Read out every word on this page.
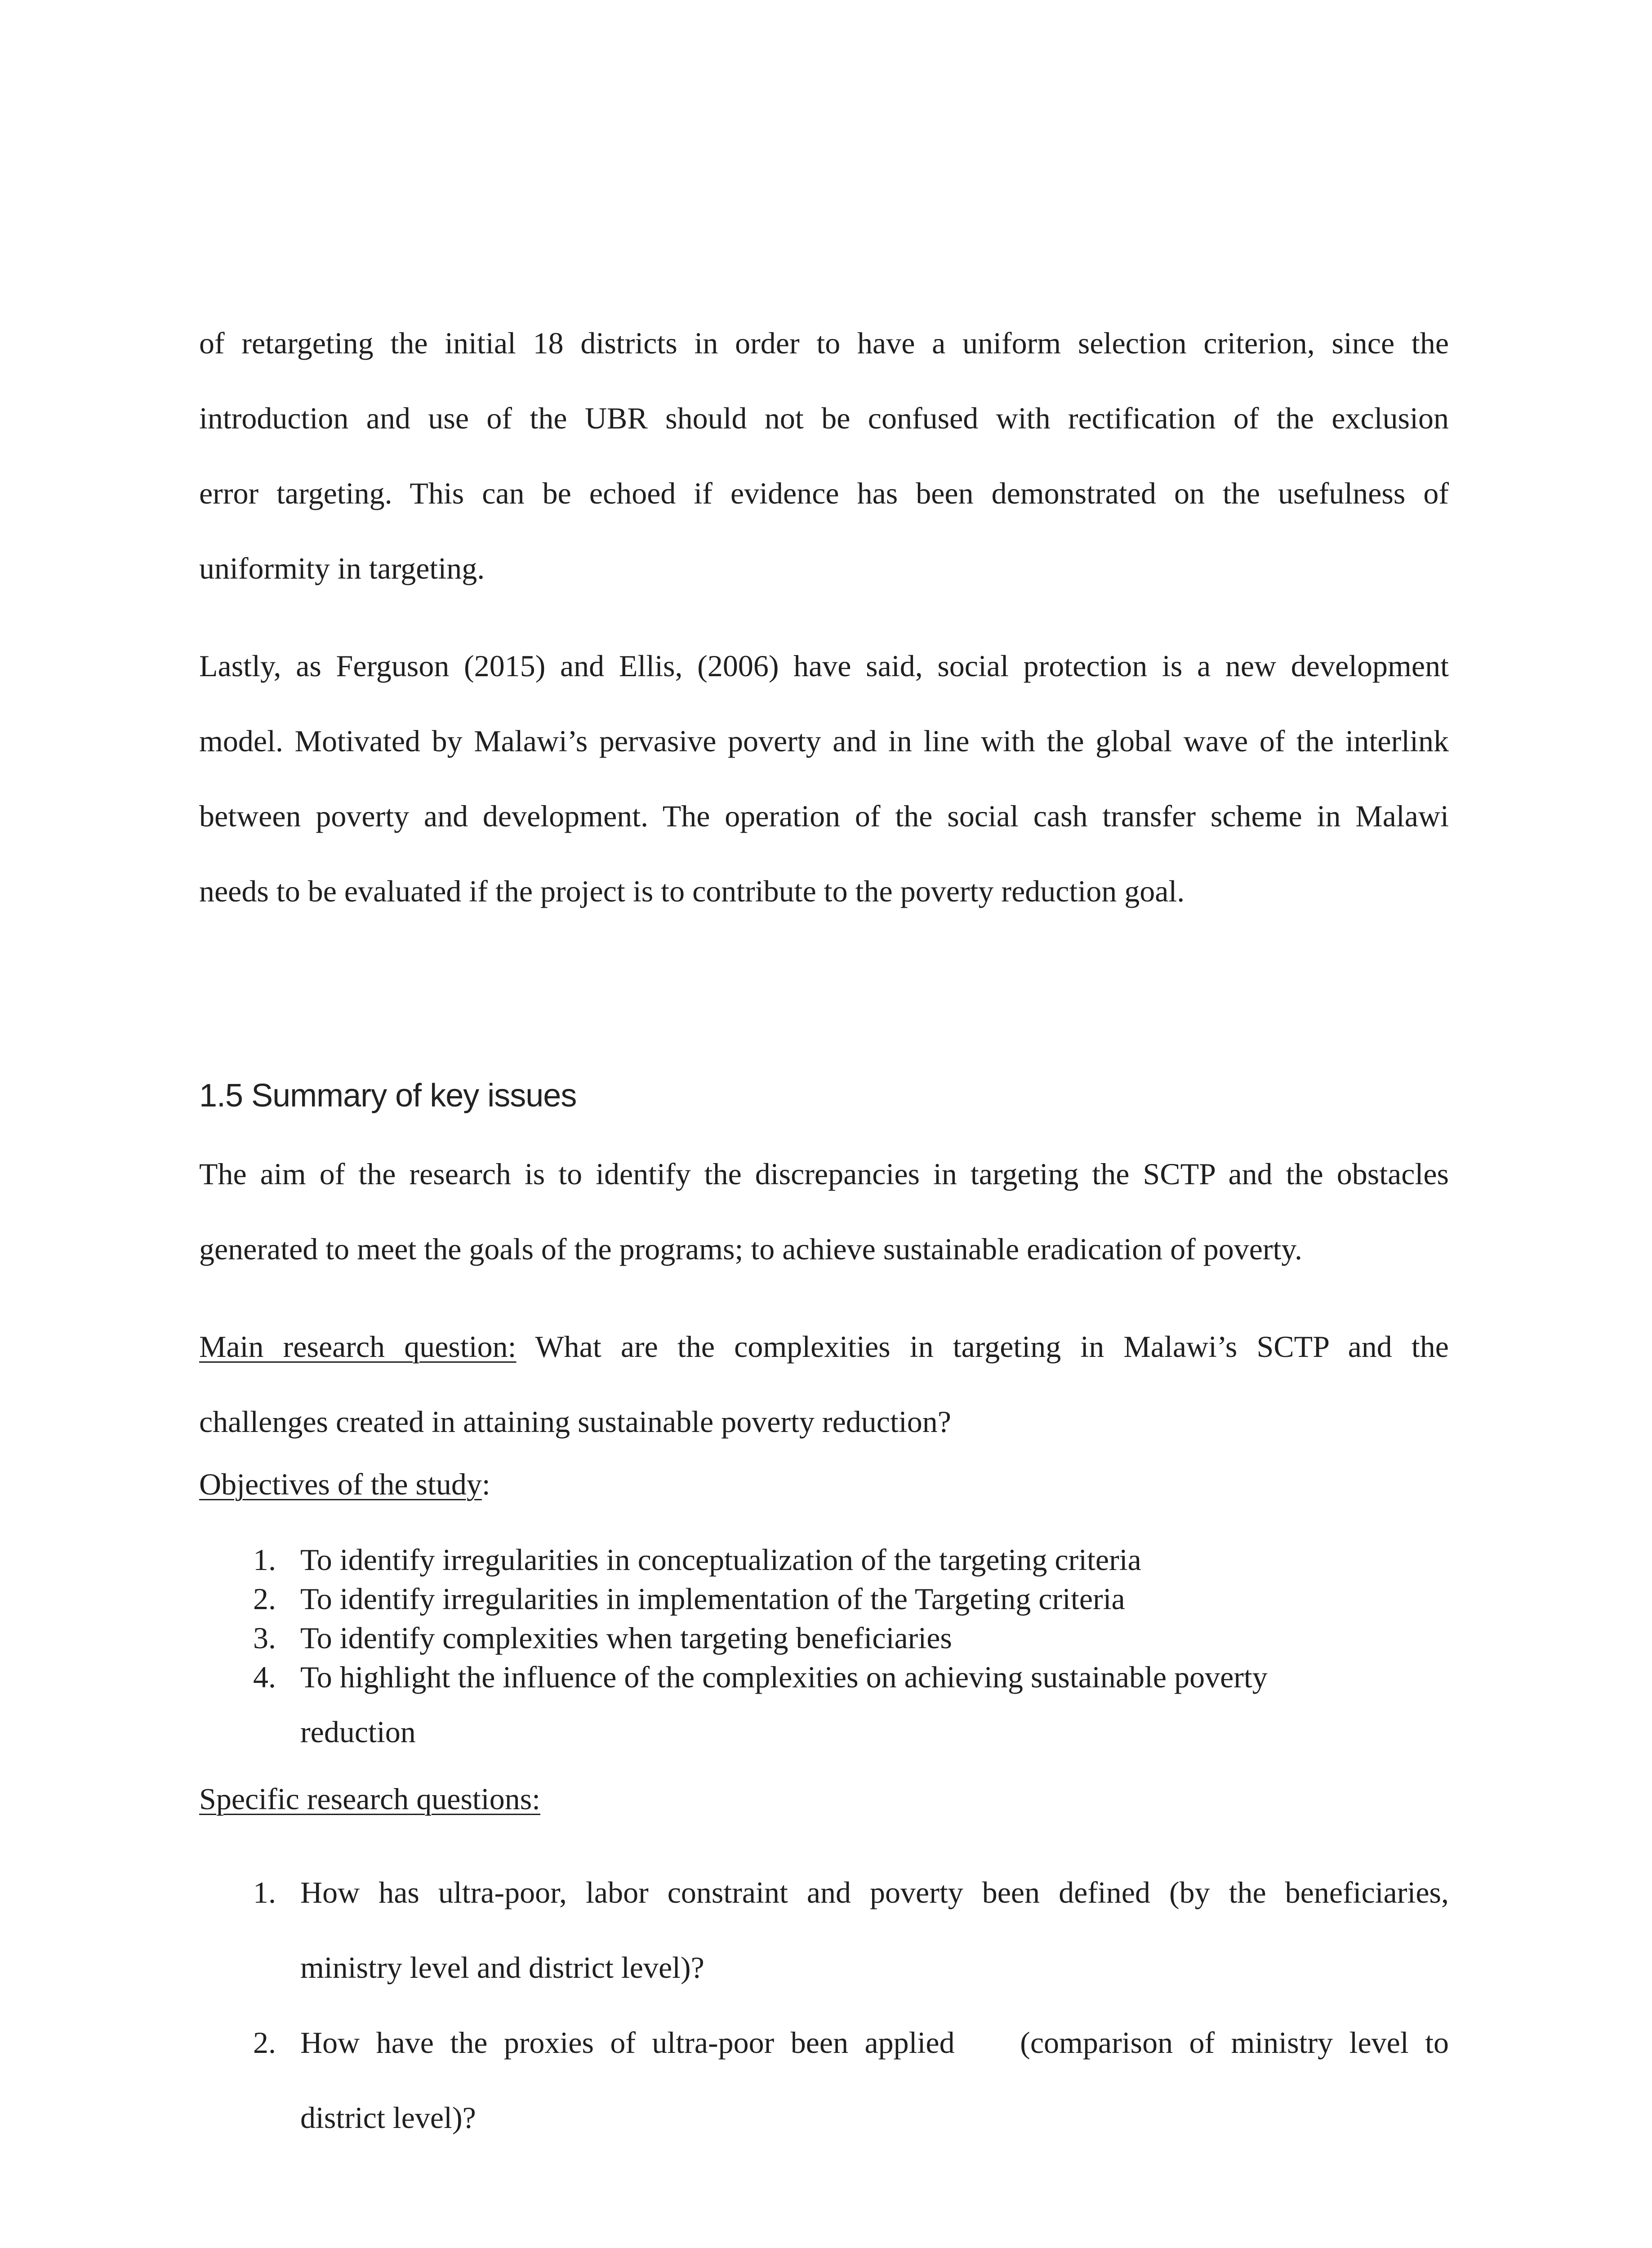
of retargeting the initial 18 districts in order to have a uniform selection criterion, since the
introduction and use of the UBR should not be confused with rectification of the exclusion
error targeting. This can be echoed if evidence has been demonstrated on the usefulness of
uniformity in targeting.

Lastly, as Ferguson (2015) and Ellis, (2006) have said, social protection is a new development
model. Motivated by Malawi’s pervasive poverty and in line with the global wave of the interlink
between poverty and development. The operation of the social cash transfer scheme in Malawi
needs to be evaluated if the project is to contribute to the poverty reduction goal.

1.5 Summary of key issues

The aim of the research is to identify the discrepancies in targeting the SCTP and the obstacles
generated to meet the goals of the programs; to achieve sustainable eradication of poverty.

Main research question: What are the complexities in targeting in Malawi’s SCTP and the
challenges created in attaining sustainable poverty reduction?

Objectives of the study:

1. To identify irregularities in conceptualization of the targeting criteria
2. To identify irregularities in implementation of the Targeting criteria
3. To identify complexities when targeting beneficiaries
4. To highlight the influence of the complexities on achieving sustainable poverty
reduction

Specific research questions:

1. How has ultra-poor, labor constraint and poverty been defined (by the beneficiaries,
ministry level and district level)?
2. How have the proxies of ultra-poor been applied    (comparison of ministry level to
district level)?
